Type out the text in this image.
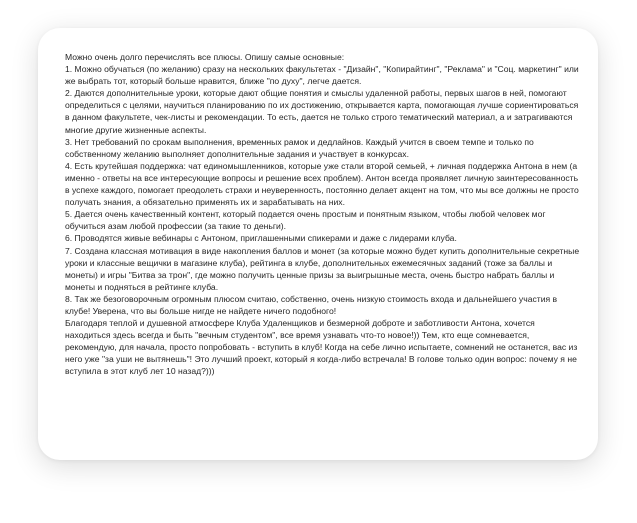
Можно очень долго перечислять все плюсы. Опишу самые основные:

1. Можно обучаться (по желанию) сразу на нескольких факультетах - "Дизайн", "Копирайтинг", "Реклама" и "Соц. маркетинг" или же выбрать тот, который больше нравится, ближе "по духу", легче дается.

2. Даются дополнительные уроки, которые дают общие понятия и смыслы удаленной работы, первых шагов в ней, помогают определиться с целями, научиться планированию по их достижению, открывается карта, помогающая лучше сориентироваться в данном факультете, чек-листы и рекомендации. То есть, дается не только строго тематический материал, а и затрагиваются многие другие жизненные аспекты.

3. Нет требований по срокам выполнения, временных рамок и дедлайнов. Каждый учится в своем темпе и только по собственному желанию выполняет дополнительные задания и участвует в конкурсах.

4. Есть крутейшая поддержка: чат единомышленников, которые уже стали второй семьей, + личная поддержка Антона в нем (а именно - ответы на все интересующие вопросы и решение всех проблем). Антон всегда проявляет личную заинтересованность в успехе каждого, помогает преодолеть страхи и неуверенность, постоянно делает акцент на том, что мы все должны не просто получать знания, а обязательно применять их и зарабатывать на них.

5. Дается очень качественный контент, который подается очень простым и понятным языком, чтобы любой человек мог обучиться азам любой профессии (за такие то деньги).

6. Проводятся живые вебинары с Антоном, приглашенными спикерами и даже с лидерами клуба.

7. Создана классная мотивация в виде накопления баллов и монет (за которые можно будет купить дополнительные секретные уроки и классные вещички в магазине клуба), рейтинга в клубе, дополнительных ежемесячных заданий (тоже за баллы и монеты) и игры "Битва за трон", где можно получить ценные призы за выигрышные места, очень быстро набрать баллы и монеты и подняться в рейтинге клуба.

8. Так же безоговорочным огромным плюсом считаю, собственно, очень низкую стоимость входа и дальнейшего участия в клубе! Уверена, что вы больше нигде не найдете ничего подобного!

Благодаря теплой и душевной атмосфере Клуба Удаленщиков и безмерной доброте и заботливости Антона, хочется находиться здесь всегда и быть "вечным студентом", все время узнавать что-то новое!)) Тем, кто еще сомневается, рекомендую, для начала, просто попробовать - вступить в клуб! Когда на себе лично испытаете, сомнений не останется, вас из него уже "за уши не вытянешь"! Это лучший проект, который я когда-либо встречала! В голове только один вопрос: почему я не вступила в этот клуб лет 10 назад?)))
